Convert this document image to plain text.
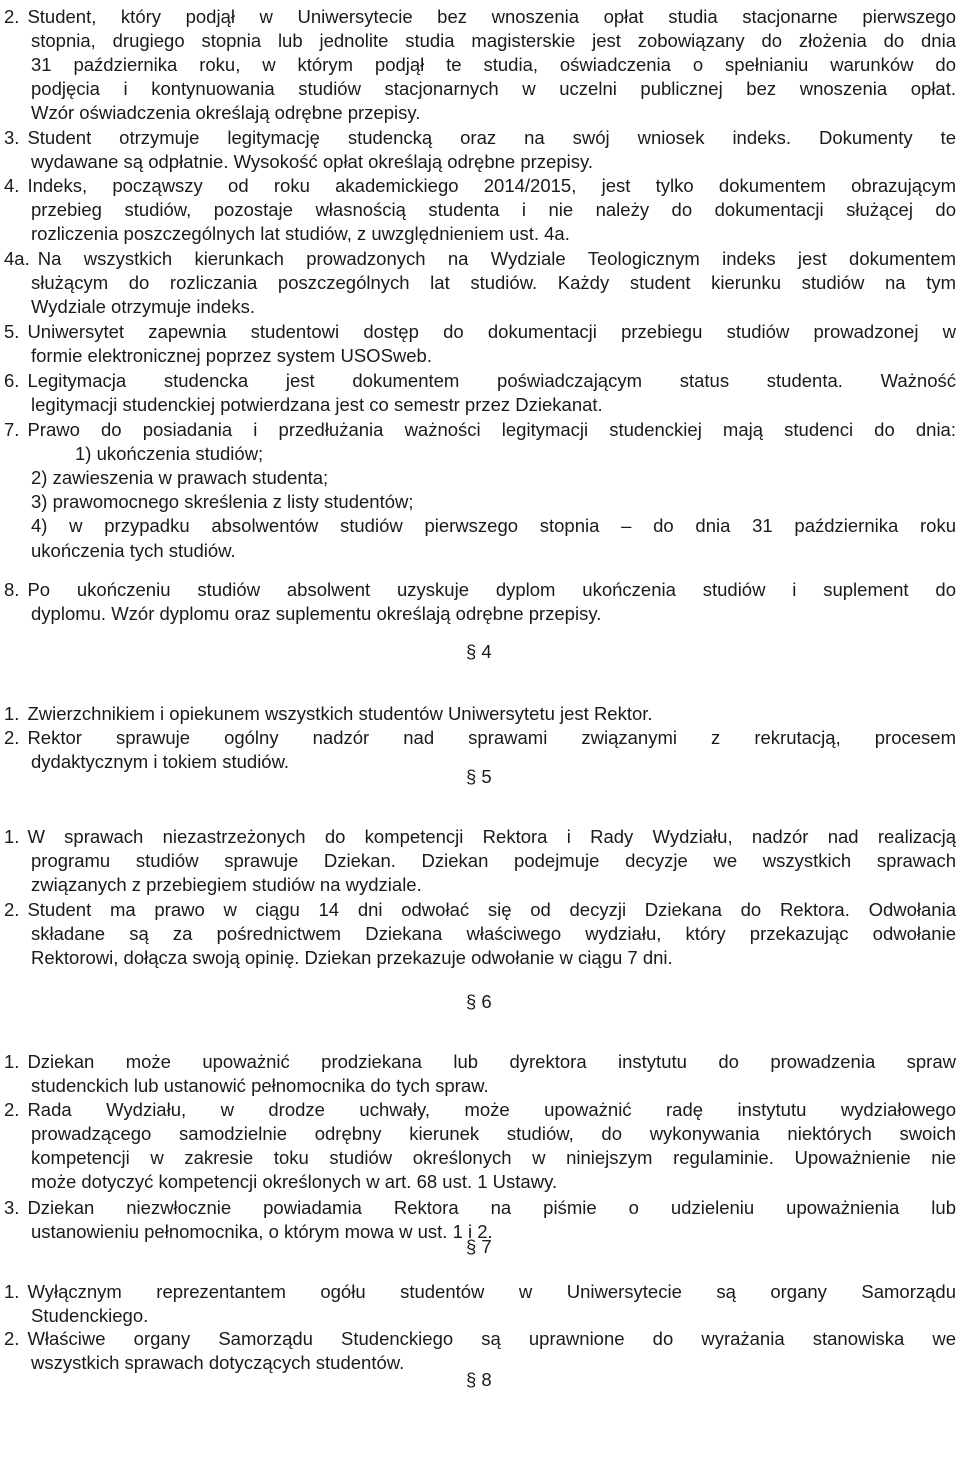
2. Student, który podjął w Uniwersytecie bez wnoszenia opłat studia stacjonarne pierwszego
stopnia, drugiego stopnia lub jednolite studia magisterskie jest zobowiązany do złożenia do dnia
31 października roku, w którym podjął te studia, oświadczenia o spełnianiu warunków do
podjęcia i kontynuowania studiów stacjonarnych w uczelni publicznej bez wnoszenia opłat.
Wzór oświadczenia określają odrębne przepisy.
3. Student otrzymuje legitymację studencką oraz na swój wniosek indeks. Dokumenty te
wydawane są odpłatnie. Wysokość opłat określają odrębne przepisy.
4. Indeks, począwszy od roku akademickiego 2014/2015, jest tylko dokumentem obrazującym
przebieg studiów, pozostaje własnością studenta i nie należy do dokumentacji służącej do
rozliczenia poszczególnych lat studiów, z uwzględnieniem ust. 4a.
4a. Na wszystkich kierunkach prowadzonych na Wydziale Teologicznym indeks jest dokumentem
służącym do rozliczania poszczególnych lat studiów. Każdy student kierunku studiów na tym
Wydziale otrzymuje indeks.
5. Uniwersytet zapewnia studentowi dostęp do dokumentacji przebiegu studiów prowadzonej w
formie elektronicznej poprzez system USOSweb.
6. Legitymacja studencka jest dokumentem poświadczającym status studenta. Ważność
legitymacji studenckiej potwierdzana jest co semestr przez Dziekanat.
7. Prawo do posiadania i przedłużania ważności legitymacji studenckiej mają studenci do dnia:
1) ukończenia studiów;
2) zawieszenia w prawach studenta;
3) prawomocnego skreślenia z listy studentów;
4) w przypadku absolwentów studiów pierwszego stopnia – do dnia 31 października roku
ukończenia tych studiów.
8. Po ukończeniu studiów absolwent uzyskuje dyplom ukończenia studiów i suplement do
dyplomu. Wzór dyplomu oraz suplementu określają odrębne przepisy.
§ 4
1. Zwierzchnikiem i opiekunem wszystkich studentów Uniwersytetu jest Rektor.
2. Rektor sprawuje ogólny nadzór nad sprawami związanymi z rekrutacją, procesem
dydaktycznym i tokiem studiów.
§ 5
1. W sprawach niezastrzeżonych do kompetencji Rektora i Rady Wydziału, nadzór nad realizacją
programu studiów sprawuje Dziekan. Dziekan podejmuje decyzje we wszystkich sprawach
związanych z przebiegiem studiów na wydziale.
2. Student ma prawo w ciągu 14 dni odwołać się od decyzji Dziekana do Rektora. Odwołania
składane są za pośrednictwem Dziekana właściwego wydziału, który przekazując odwołanie
Rektorowi, dołącza swoją opinię. Dziekan przekazuje odwołanie w ciągu 7 dni.
§ 6
1. Dziekan może upoważnić prodziekana lub dyrektora instytutu do prowadzenia spraw
studenckich lub ustanowić pełnomocnika do tych spraw.
2. Rada Wydziału, w drodze uchwały, może upoważnić radę instytutu wydziałowego
prowadzącego samodzielnie odrębny kierunek studiów, do wykonywania niektórych swoich
kompetencji w zakresie toku studiów określonych w niniejszym regulaminie. Upoważnienie nie
może dotyczyć kompetencji określonych w art. 68 ust. 1 Ustawy.
3. Dziekan niezwłocznie powiadamia Rektora na piśmie o udzieleniu upoważnienia lub
ustanowieniu pełnomocnika, o którym mowa w ust. 1 i 2.
§ 7
1. Wyłącznym reprezentantem ogółu studentów w Uniwersytecie są organy Samorządu
Studenckiego.
2. Właściwe organy Samorządu Studenckiego są uprawnione do wyrażania stanowiska we
wszystkich sprawach dotyczących studentów.
§ 8
